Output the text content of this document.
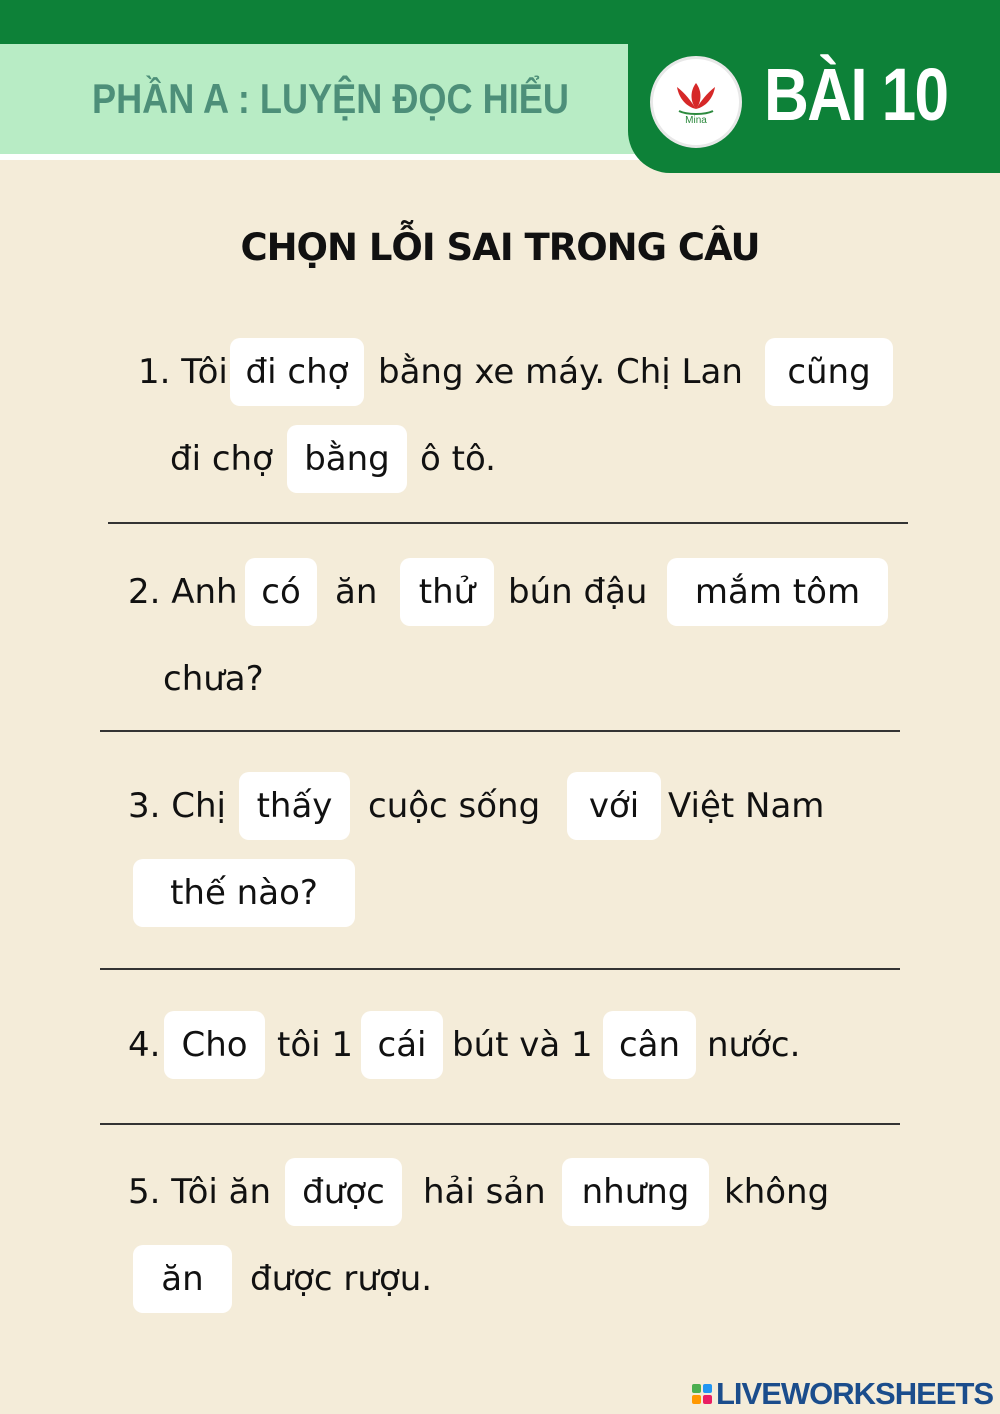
PHẦN A : LUYỆN ĐỌC HIỂU	Mina BÀI 10
CHỌN LỖI SAI TRONG CÂU
1. Tôi đi chợ bằng xe máy. Chị Lan	cũng
đi chợ bằng ô tô.
2. Anh có	ăn	thử bún đậu	mắm tôm
chưa?
3. Chị thấy	cuộc sống	với Việt Nam
thế nào?
4. Cho tôi 1 cái bút và 1 cân nước.
5. Tôi ăn được	hải sản	nhưng	không
ăn	được rượu.
LIVEWORKSHEETS
